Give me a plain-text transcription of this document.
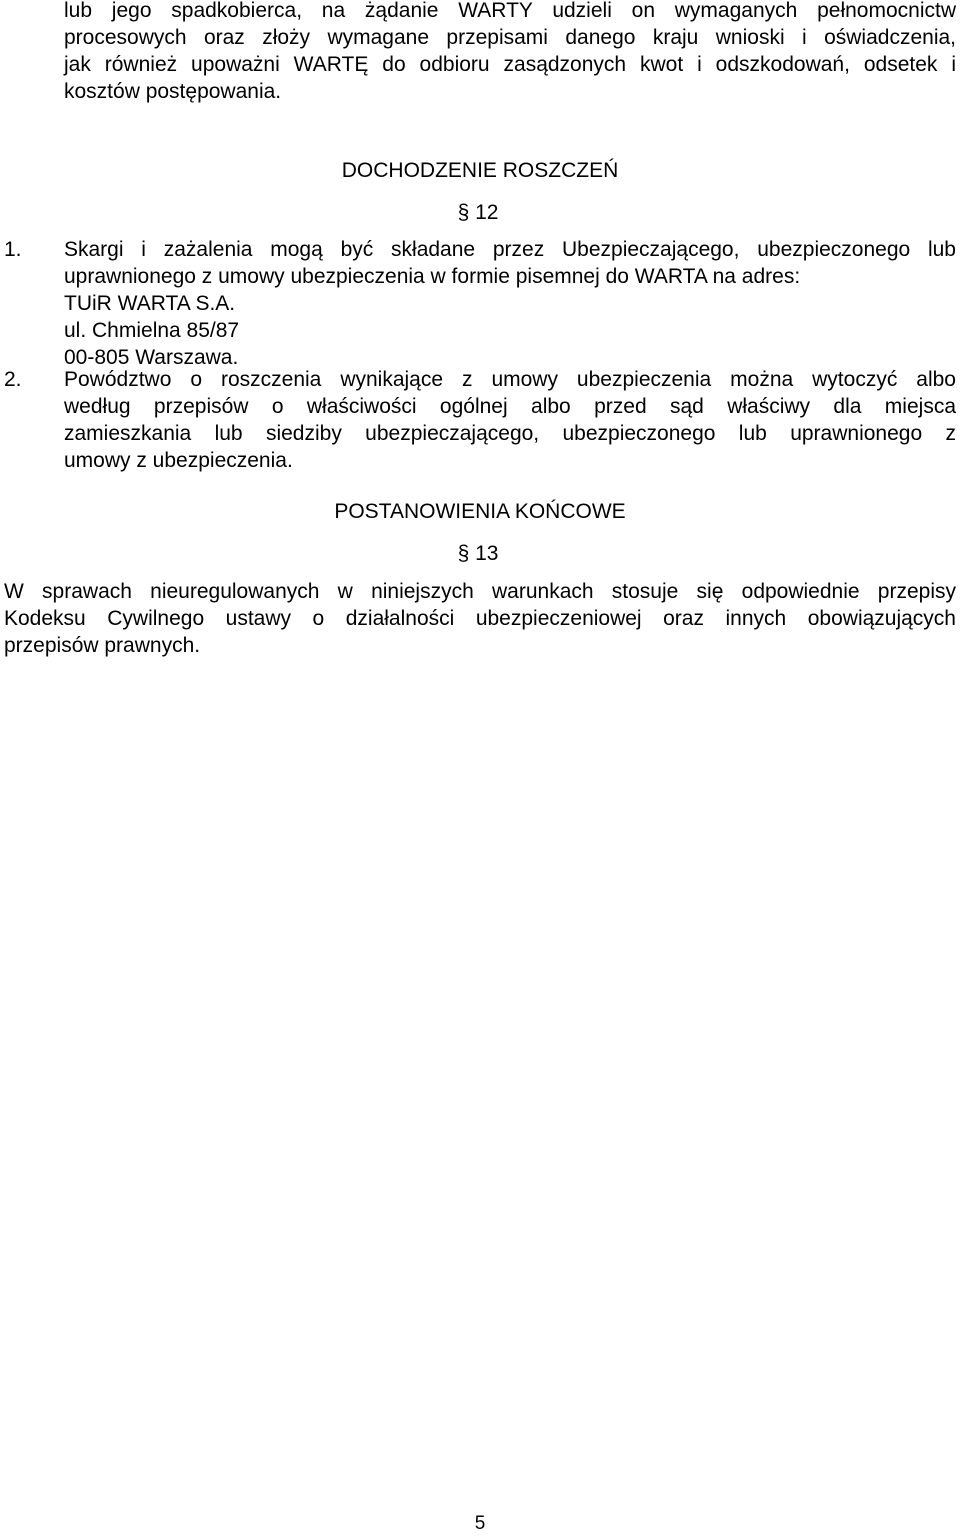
lub jego spadkobierca, na żądanie WARTY udzieli on wymaganych pełnomocnictw
procesowych oraz złoży wymagane przepisami danego kraju wnioski i oświadczenia,
jak również upoważni WARTĘ do odbioru zasądzonych kwot i odszkodowań, odsetek i
kosztów postępowania.
DOCHODZENIE ROSZCZEŃ
§ 12
1.	Skargi i zażalenia mogą być składane przez Ubezpieczającego, ubezpieczonego lub
uprawnionego z umowy ubezpieczenia w formie pisemnej do WARTA na adres:
TUiR WARTA S.A.
ul. Chmielna 85/87
00-805 Warszawa.
2.	Powództwo o roszczenia wynikające z umowy ubezpieczenia można wytoczyć albo
według przepisów o właściwości ogólnej albo przed sąd właściwy dla miejsca
zamieszkania lub siedziby ubezpieczającego, ubezpieczonego lub uprawnionego z
umowy z ubezpieczenia.
POSTANOWIENIA KOŃCOWE
§ 13
W sprawach nieuregulowanych w niniejszych warunkach stosuje się odpowiednie przepisy
Kodeksu Cywilnego ustawy o działalności ubezpieczeniowej oraz innych obowiązujących
przepisów prawnych.
5
